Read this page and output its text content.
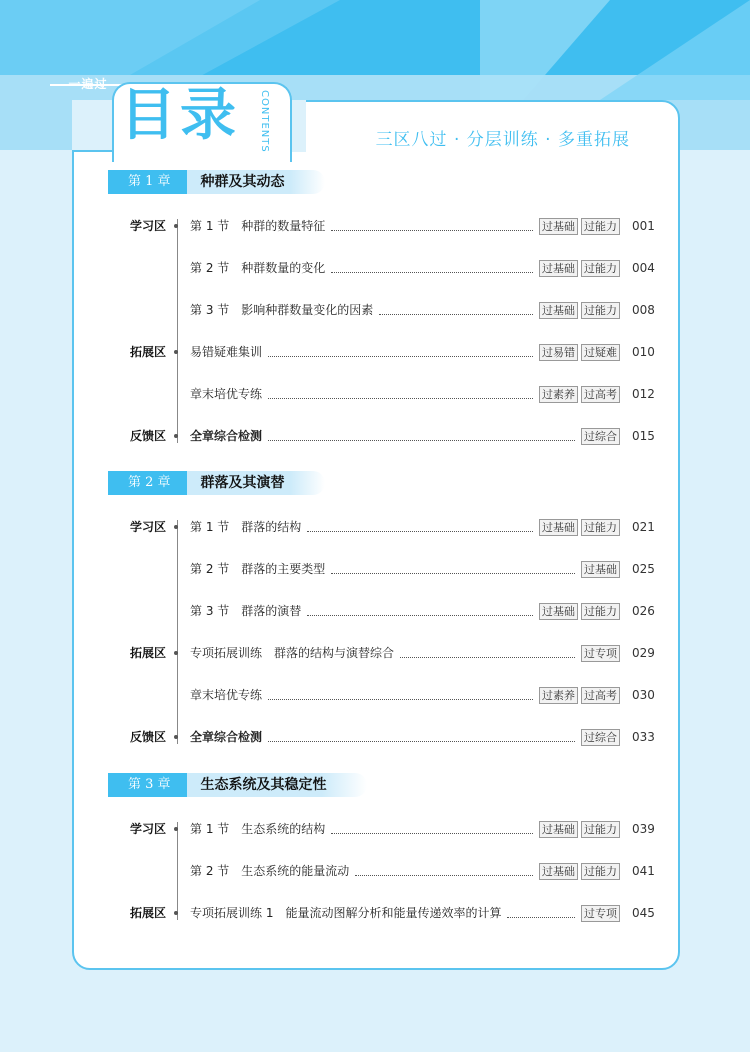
一遍过 目录	CONTENTS	三区八过 · 分层训练 · 多重拓展
第 1 章	种群及其动态
学习区 第 1 节 种群的数量特征	过基础 过能力 001
第 2 节 种群数量的变化	过基础 过能力 004
第 3 节 影响种群数量变化的因素	过基础 过能力 008
拓展区 易错疑难集训	过易错 过疑难 010
章末培优专练	过素养 过高考 012
反馈区 全章综合检测	过综合 015
第 2 章	群落及其演替
学习区 第 1 节 群落的结构	过基础 过能力 021
第 2 节 群落的主要类型	过基础 025
第 3 节 群落的演替	过基础 过能力 026
拓展区 专项拓展训练　群落的结构与演替综合	过专项 029
章末培优专练	过素养 过高考 030
反馈区 全章综合检测	过综合 033
第 3 章	生态系统及其稳定性
学习区 第 1 节 生态系统的结构	过基础 过能力 039
第 2 节 生态系统的能量流动	过基础 过能力 041
拓展区 专项拓展训练 1　能量流动图解分析和能量传递效率的计算	过专项 045
